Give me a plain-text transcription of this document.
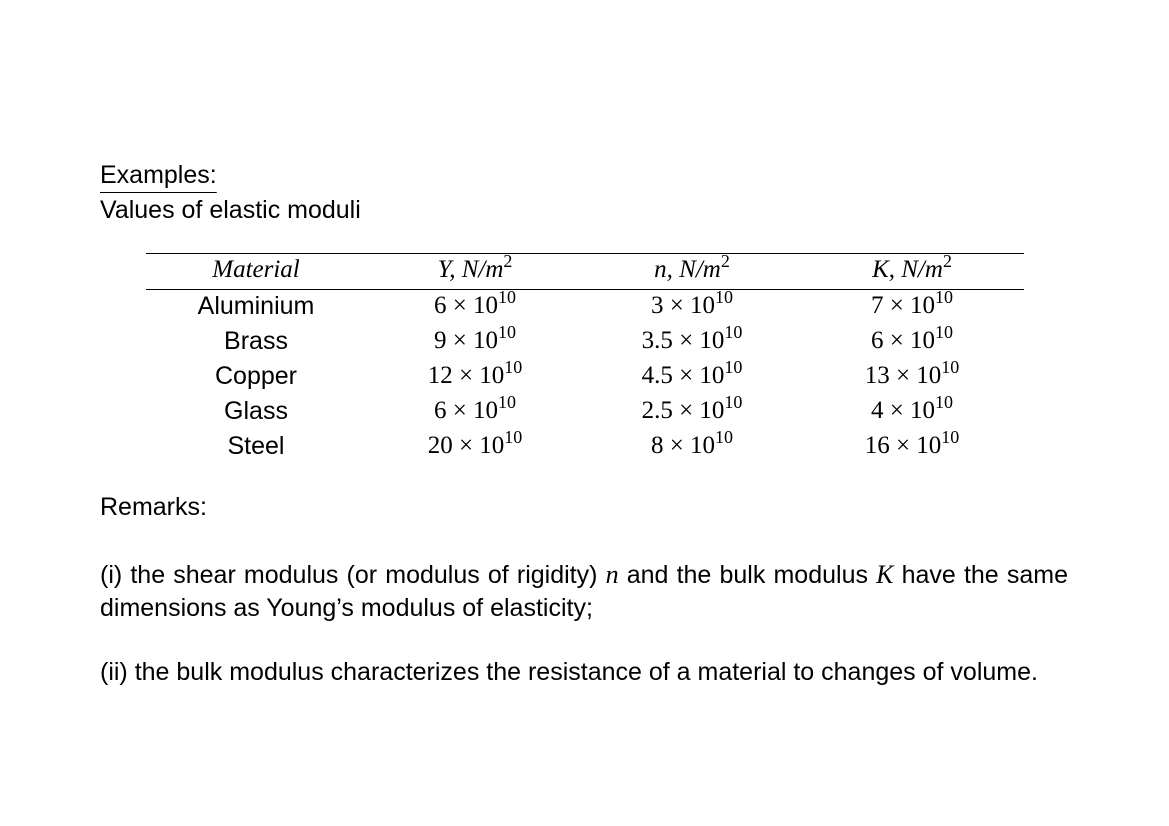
Examples:
Values of elastic moduli
Material	Y, $N/m^2$	n, $N/m^2$	K, $N/m^2$
Aluminium	$6 \times 10^{10}$	$3 \times 10^{10}$	$7 \times 10^{10}$
Brass	$9 \times 10^{10}$	$3.5 \times 10^{10}$	$6 \times 10^{10}$
Copper	$12 \times 10^{10}$	$4.5 \times 10^{10}$	$13 \times 10^{10}$
Glass	$6 \times 10^{10}$	$2.5 \times 10^{10}$	$4 \times 10^{10}$
Steel	$20 \times 10^{10}$	$8 \times 10^{10}$	$16 \times 10^{10}$
Remarks:
(i) the shear modulus (or modulus of rigidity) n and the bulk modulus K have the same dimensions as Young’s modulus of elasticity;
(ii) the bulk modulus characterizes the resistance of a material to changes of volume.
